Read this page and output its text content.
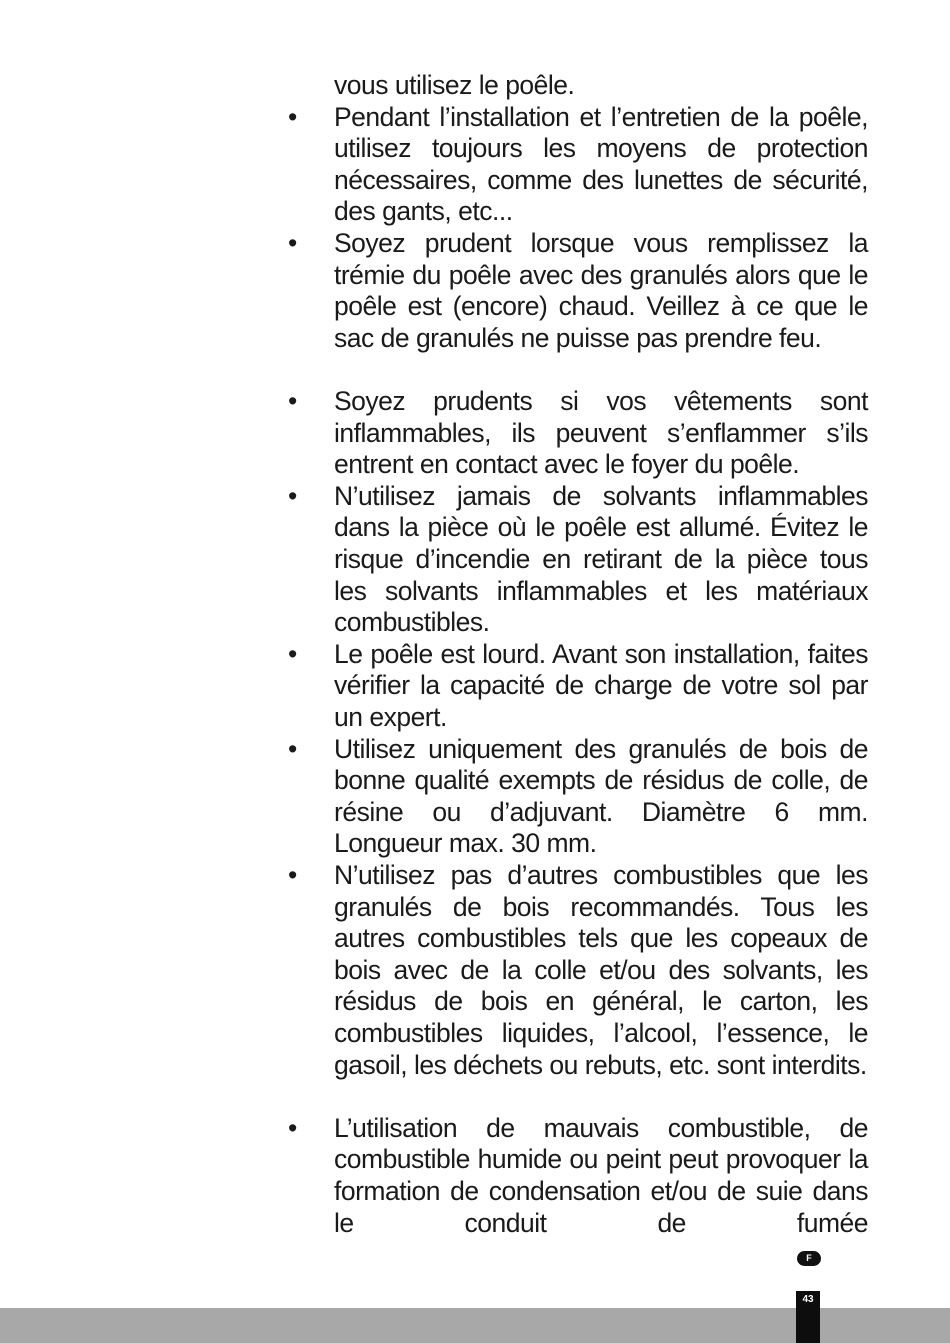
vous utilisez le poêle.
•	Pendant l’installation et l’entretien de la poêle, utilisez toujours les moyens de protection nécessaires, comme des lunettes de sécurité, des gants, etc...
•	Soyez prudent lorsque vous remplissez la trémie du poêle avec des granulés alors que le poêle est (encore) chaud. Veillez à ce que le sac de granulés ne puisse pas prendre feu.
•	Soyez prudents si vos vêtements sont inflammables, ils peuvent s’enflammer s’ils entrent en contact avec le foyer du poêle.
•	N’utilisez jamais de solvants inflammables dans la pièce où le poêle est allumé. Évitez le risque d’incendie en retirant de la pièce tous les solvants inflammables et les matériaux combustibles.
•	Le poêle est lourd. Avant son installation, faites vérifier la capacité de charge de votre sol par un expert.
•	Utilisez uniquement des granulés de bois de bonne qualité exempts de résidus de colle, de résine ou d’adjuvant. Diamètre 6 mm. Longueur max. 30 mm.
•	N’utilisez pas d’autres combustibles que les granulés de bois recommandés. Tous les autres combustibles tels que les copeaux de bois avec de la colle et/ou des solvants, les résidus de bois en général, le carton, les combustibles liquides, l’alcool, l’essence, le gasoil, les déchets ou rebuts, etc. sont interdits.
•	L’utilisation de mauvais combustible, de combustible humide ou peint peut provoquer la formation de condensation et/ou de suie dans le conduit de fumée
F
43
